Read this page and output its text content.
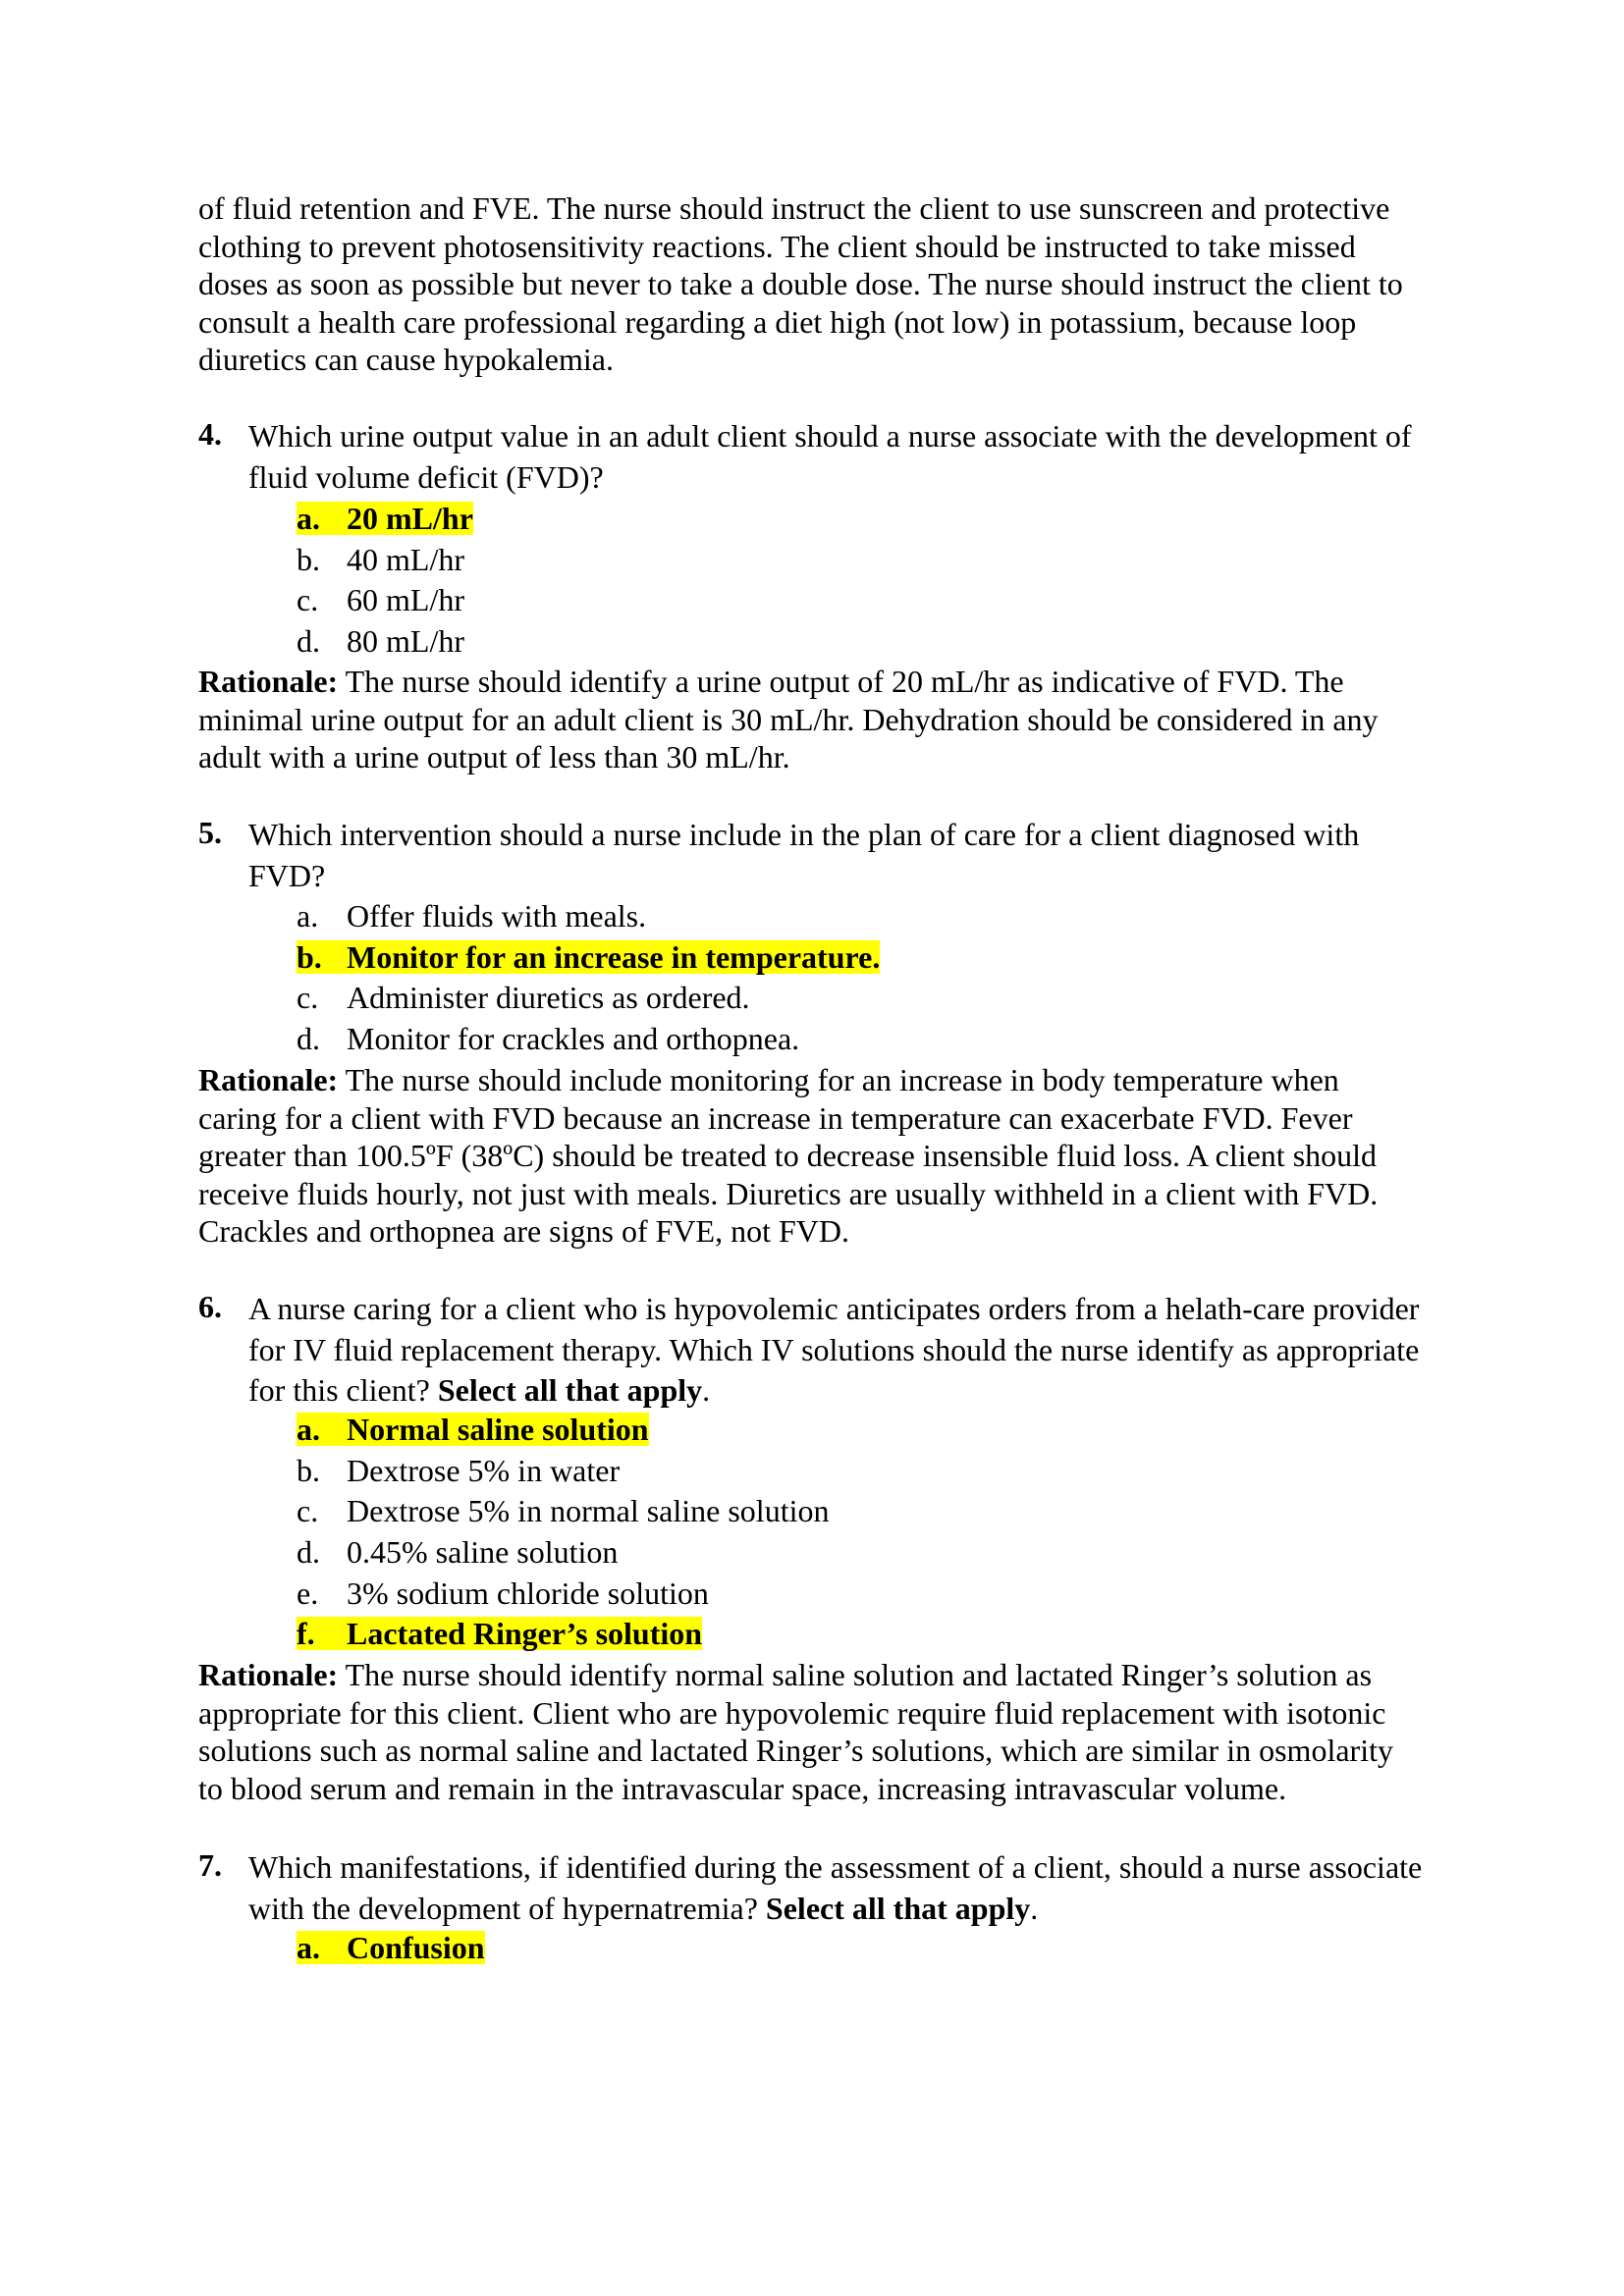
of fluid retention and FVE. The nurse should instruct the client to use sunscreen and protective
clothing to prevent photosensitivity reactions. The client should be instructed to take missed
doses as soon as possible but never to take a double dose. The nurse should instruct the client to
consult a health care professional regarding a diet high (not low) in potassium, because loop
diuretics can cause hypokalemia.
4. Which urine output value in an adult client should a nurse associate with the development of
fluid volume deficit (FVD)?
a. 20 mL/hr
b. 40 mL/hr
c. 60 mL/hr
d. 80 mL/hr
Rationale: The nurse should identify a urine output of 20 mL/hr as indicative of FVD. The
minimal urine output for an adult client is 30 mL/hr. Dehydration should be considered in any
adult with a urine output of less than 30 mL/hr.
5. Which intervention should a nurse include in the plan of care for a client diagnosed with
FVD?
a. Offer fluids with meals.
b. Monitor for an increase in temperature.
c. Administer diuretics as ordered.
d. Monitor for crackles and orthopnea.
Rationale: The nurse should include monitoring for an increase in body temperature when
caring for a client with FVD because an increase in temperature can exacerbate FVD. Fever
greater than 100.5ºF (38ºC) should be treated to decrease insensible fluid loss. A client should
receive fluids hourly, not just with meals. Diuretics are usually withheld in a client with FVD.
Crackles and orthopnea are signs of FVE, not FVD.
6. A nurse caring for a client who is hypovolemic anticipates orders from a helath-care provider
for IV fluid replacement therapy. Which IV solutions should the nurse identify as appropriate
for this client? Select all that apply.
a. Normal saline solution
b. Dextrose 5% in water
c. Dextrose 5% in normal saline solution
d. 0.45% saline solution
e. 3% sodium chloride solution
f. Lactated Ringer’s solution
Rationale: The nurse should identify normal saline solution and lactated Ringer’s solution as
appropriate for this client. Client who are hypovolemic require fluid replacement with isotonic
solutions such as normal saline and lactated Ringer’s solutions, which are similar in osmolarity
to blood serum and remain in the intravascular space, increasing intravascular volume.
7. Which manifestations, if identified during the assessment of a client, should a nurse associate
with the development of hypernatremia? Select all that apply.
a. Confusion
